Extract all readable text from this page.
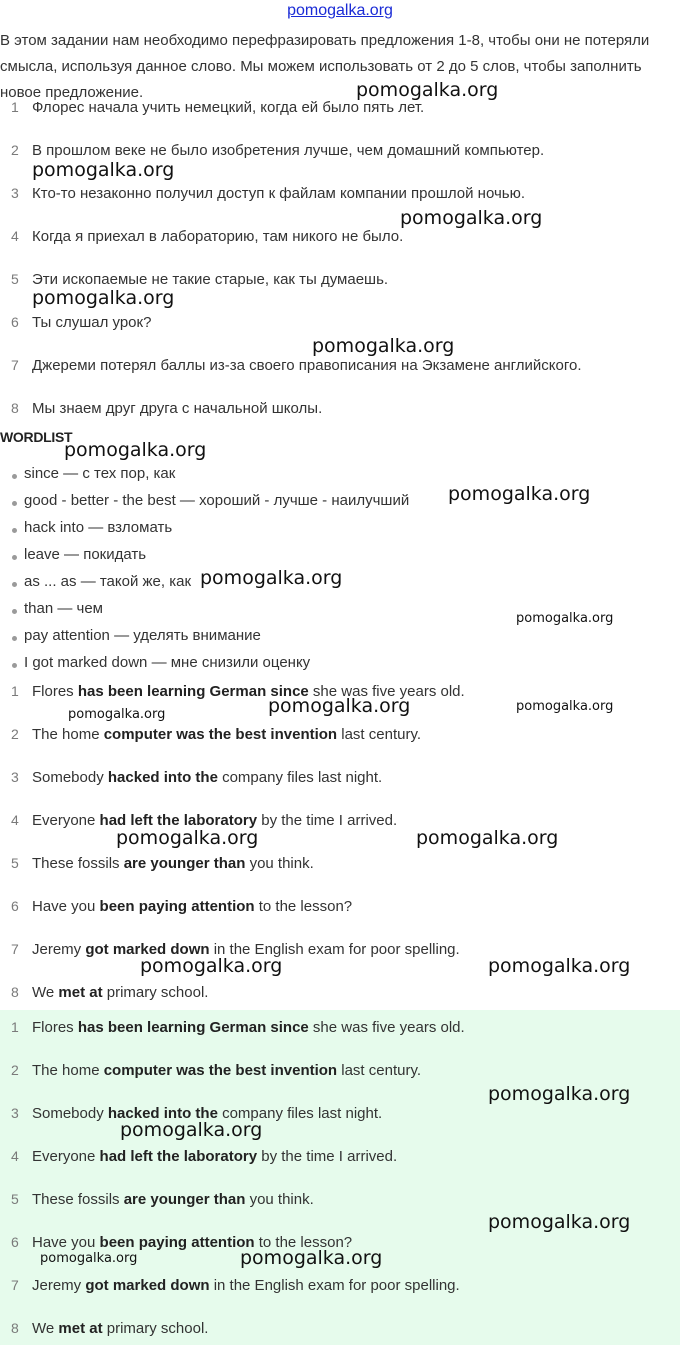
pomogalka.org
В этом задании нам необходимо перефразировать предложения 1-8, чтобы они не потеряли смысла, используя данное слово. Мы можем использовать от 2 до 5 слов, чтобы заполнить новое предложение.
1 Флорес начала учить немецкий, когда ей было пять лет.
2 В прошлом веке не было изобретения лучше, чем домашний компьютер.
3 Кто-то незаконно получил доступ к файлам компании прошлой ночью.
4 Когда я приехал в лабораторию, там никого не было.
5 Эти ископаемые не такие старые, как ты думаешь.
6 Ты слушал урок?
7 Джереми потерял баллы из-за своего правописания на Экзамене английского.
8 Мы знаем друг друга с начальной школы.
WORDLIST
since — с тех пор, как
good - better - the best — хороший - лучше - наилучший
hack into — взломать
leave — покидать
as ... as — такой же, как
than — чем
pay attention — уделять внимание
I got marked down — мне снизили оценку
1 Flores has been learning German since she was five years old.
2 The home computer was the best invention last century.
3 Somebody hacked into the company files last night.
4 Everyone had left the laboratory by the time I arrived.
5 These fossils are younger than you think.
6 Have you been paying attention to the lesson?
7 Jeremy got marked down in the English exam for poor spelling.
8 We met at primary school.
1 Flores has been learning German since she was five years old.
2 The home computer was the best invention last century.
3 Somebody hacked into the company files last night.
4 Everyone had left the laboratory by the time I arrived.
5 These fossils are younger than you think.
6 Have you been paying attention to the lesson?
7 Jeremy got marked down in the English exam for poor spelling.
8 We met at primary school.
pomogalka.org
pomogalka.org
pomogalka.org
pomogalka.org
pomogalka.org
pomogalka.org
pomogalka.org
pomogalka.org
pomogalka.org
pomogalka.org
pomogalka.org
pomogalka.org
pomogalka.org	pomogalka.org
pomogalka.org	pomogalka.org
pomogalka.org
pomogalka.org
pomogalka.org
pomogalka.org	pomogalka.org
